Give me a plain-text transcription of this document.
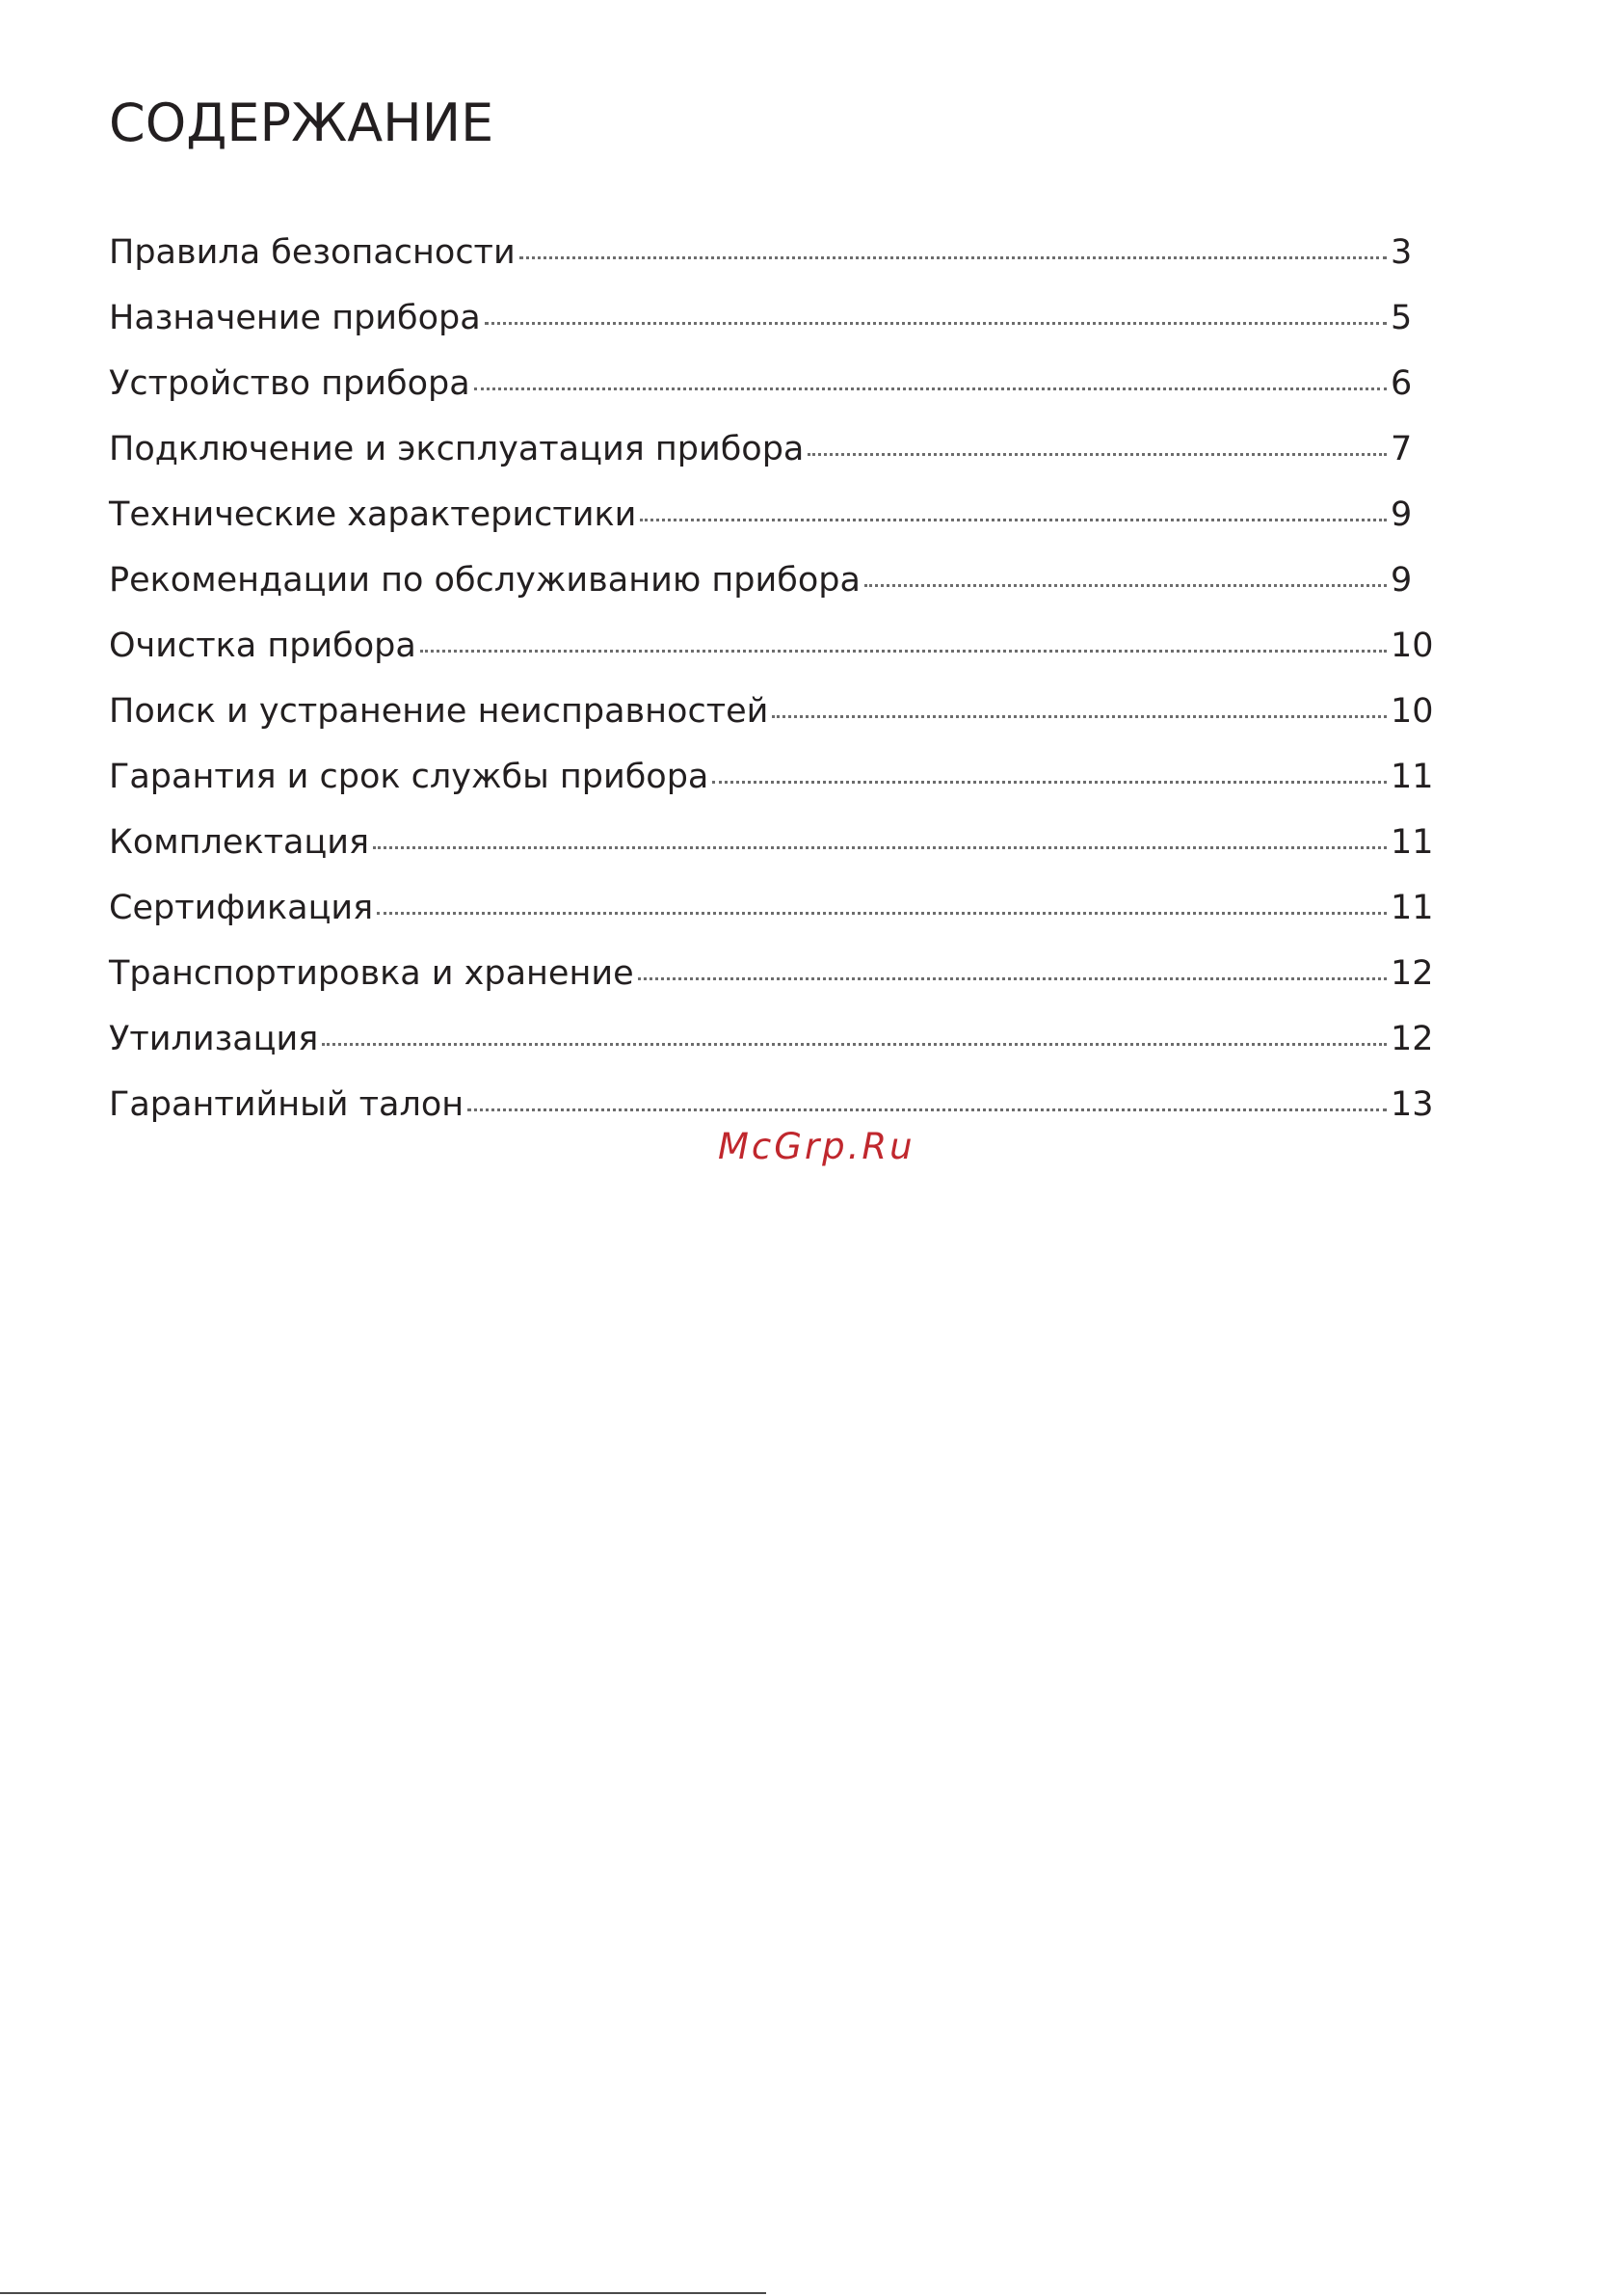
СОДЕРЖАНИЕ
Правила безопасности	3
Назначение прибора	5
Устройство прибора	6
Подключение и эксплуатация прибора	7
Технические характеристики	9
Рекомендации по обслуживанию прибора	9
Очистка прибора	10
Поиск и устранение неисправностей	10
Гарантия и срок службы прибора	11
Комплектация	11
Сертификация	11
Транспортировка и хранение	12
Утилизация	12
Гарантийный талон	13
McGrp.Ru
